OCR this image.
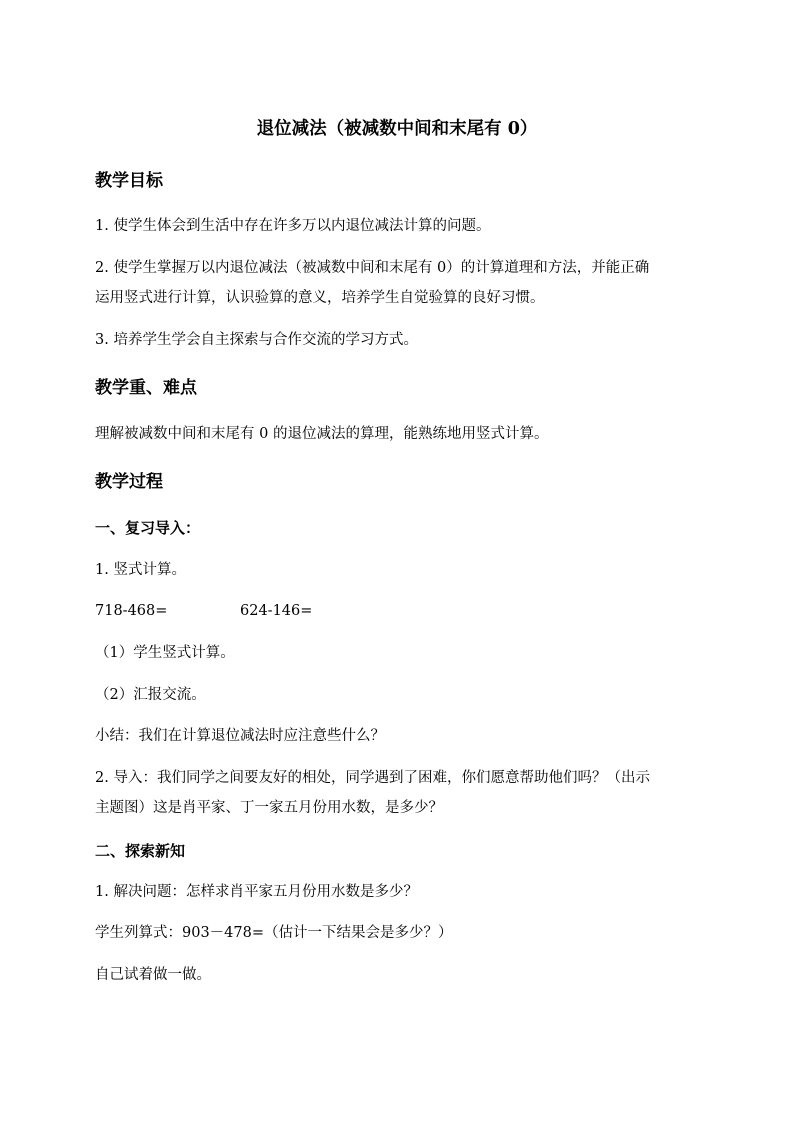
退位减法（被减数中间和末尾有 0）
教学目标
1. 使学生体会到生活中存在许多万以内退位减法计算的问题。
2. 使学生掌握万以内退位减法（被减数中间和末尾有 0）的计算道理和方法，并能正确
运用竖式进行计算，认识验算的意义，培养学生自觉验算的良好习惯。
3. 培养学生学会自主探索与合作交流的学习方式。
教学重、难点
理解被减数中间和末尾有 0 的退位减法的算理，能熟练地用竖式计算。
教学过程
一、复习导入：
1. 竖式计算。
718-468=	624-146=
（1）学生竖式计算。
（2）汇报交流。
小结：我们在计算退位减法时应注意些什么？
2. 导入：我们同学之间要友好的相处，同学遇到了困难，你们愿意帮助他们吗？（出示
主题图）这是肖平家、丁一家五月份用水数，是多少？
二、探索新知
1. 解决问题：怎样求肖平家五月份用水数是多少？
学生列算式：903－478=（估计一下结果会是多少？）
自己试着做一做。
